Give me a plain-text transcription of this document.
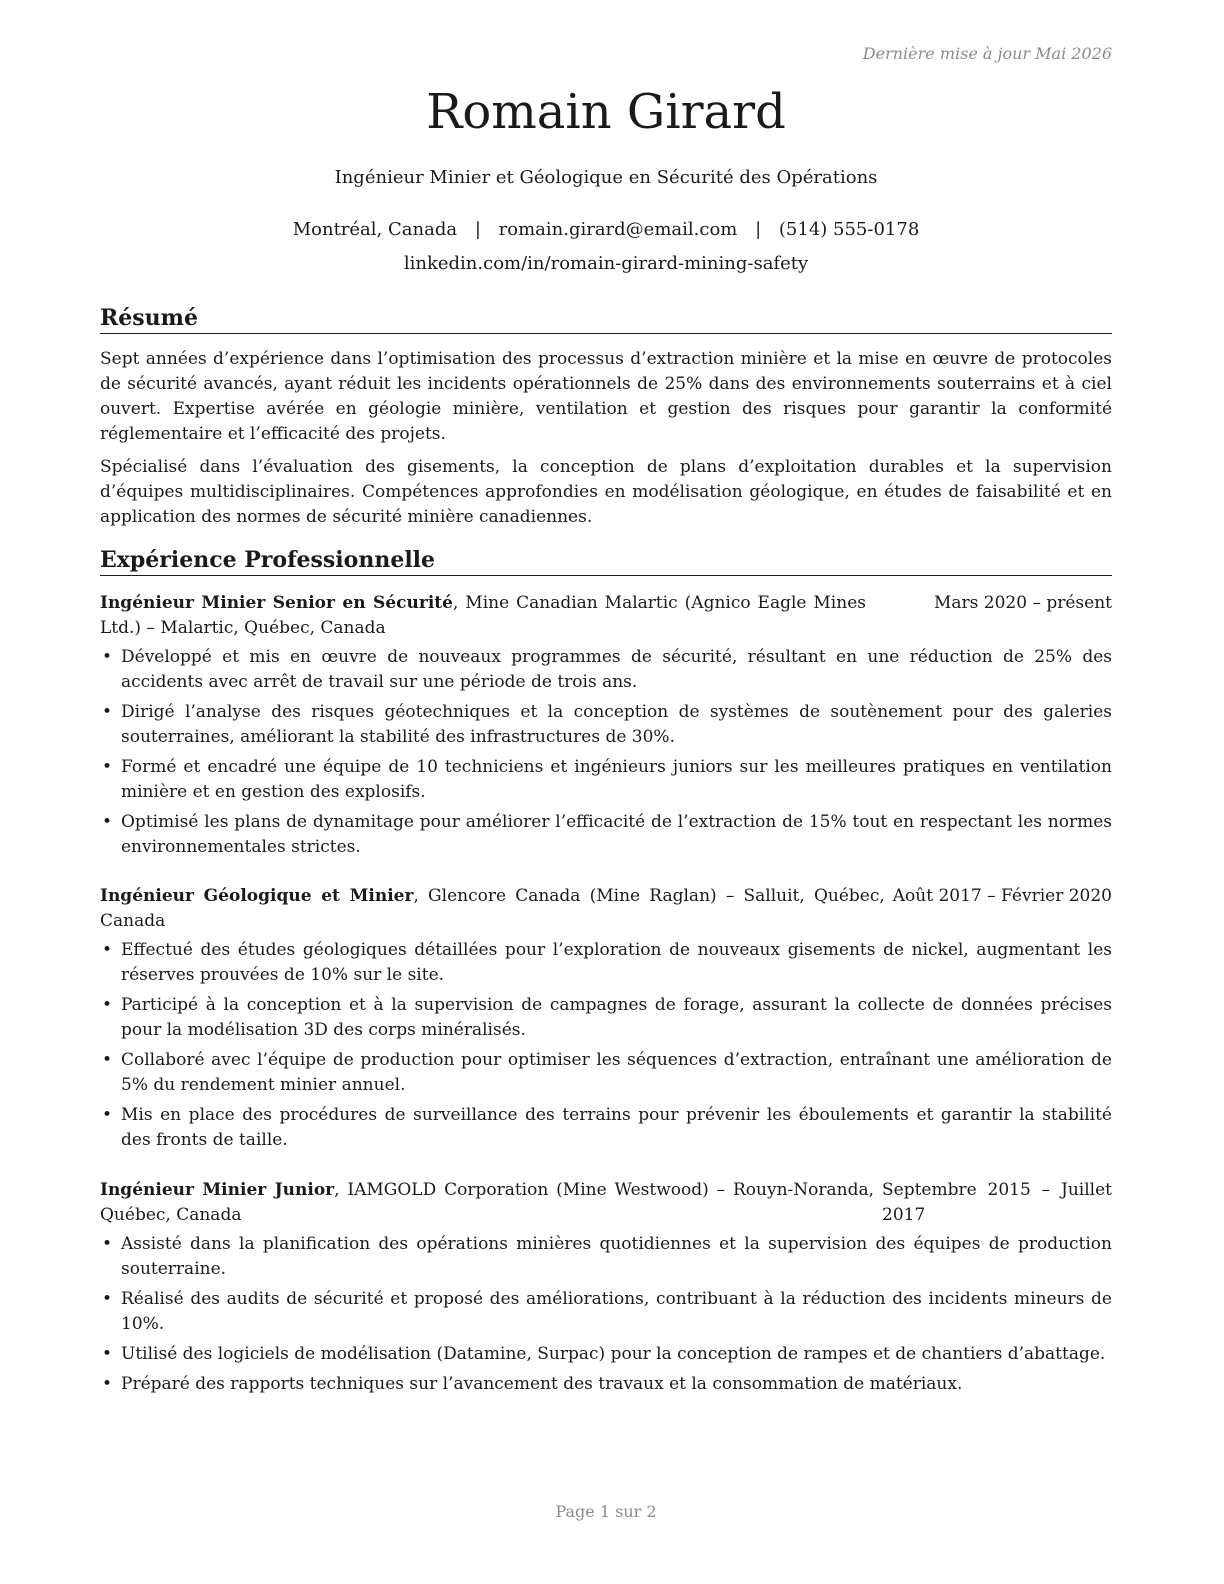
Dernière mise à jour Mai 2026
Romain Girard
Ingénieur Minier et Géologique en Sécurité des Opérations
Montréal, Canada | romain.girard@email.com | (514) 555-0178
linkedin.com/in/romain-girard-mining-safety
Résumé

Sept années d’expérience dans l’optimisation des processus d’extraction minière et la mise en œuvre de protocoles de sécurité avancés, ayant réduit les incidents opérationnels de 25% dans des environnements souterrains et à ciel ouvert. Expertise avérée en géologie minière, ventilation et gestion des risques pour garantir la conformité réglementaire et l’efficacité des projets.

Spécialisé dans l’évaluation des gisements, la conception de plans d’exploitation durables et la supervision d’équipes multidisciplinaires. Compétences approfondies en modélisation géologique, en études de faisabilité et en application des normes de sécurité minière canadiennes.

Expérience Professionnelle
Ingénieur Minier Senior en Sécurité, Mine Canadian Malartic (Agnico Eagle Mines Ltd.) – Malartic, Québec, Canada
Mars 2020 – présent
• Développé et mis en œuvre de nouveaux programmes de sécurité, résultant en une réduction de 25% des accidents avec arrêt de travail sur une période de trois ans.
• Dirigé l’analyse des risques géotechniques et la conception de systèmes de soutènement pour des galeries souterraines, améliorant la stabilité des infrastructures de 30%.
• Formé et encadré une équipe de 10 techniciens et ingénieurs juniors sur les meilleures pratiques en ventilation minière et en gestion des explosifs.
• Optimisé les plans de dynamitage pour améliorer l’efficacité de l’extraction de 15% tout en respectant les normes environnementales strictes.
Ingénieur Géologique et Minier, Glencore Canada (Mine Raglan) – Salluit, Québec, Canada
Août 2017 – Février 2020
• Effectué des études géologiques détaillées pour l’exploration de nouveaux gisements de nickel, augmentant les réserves prouvées de 10% sur le site.
• Participé à la conception et à la supervision de campagnes de forage, assurant la collecte de données précises pour la modélisation 3D des corps minéralisés.
• Collaboré avec l’équipe de production pour optimiser les séquences d’extraction, entraînant une amélioration de 5% du rendement minier annuel.
• Mis en place des procédures de surveillance des terrains pour prévenir les éboulements et garantir la stabilité des fronts de taille.
Ingénieur Minier Junior, IAMGOLD Corporation (Mine Westwood) – Rouyn-Noranda, Québec, Canada
Septembre 2015 – Juillet 2017
• Assisté dans la planification des opérations minières quotidiennes et la supervision des équipes de production souterraine.
• Réalisé des audits de sécurité et proposé des améliorations, contribuant à la réduction des incidents mineurs de 10%.
• Utilisé des logiciels de modélisation (Datamine, Surpac) pour la conception de rampes et de chantiers d’abattage.
• Préparé des rapports techniques sur l’avancement des travaux et la consommation de matériaux.
Page 1 sur 2
